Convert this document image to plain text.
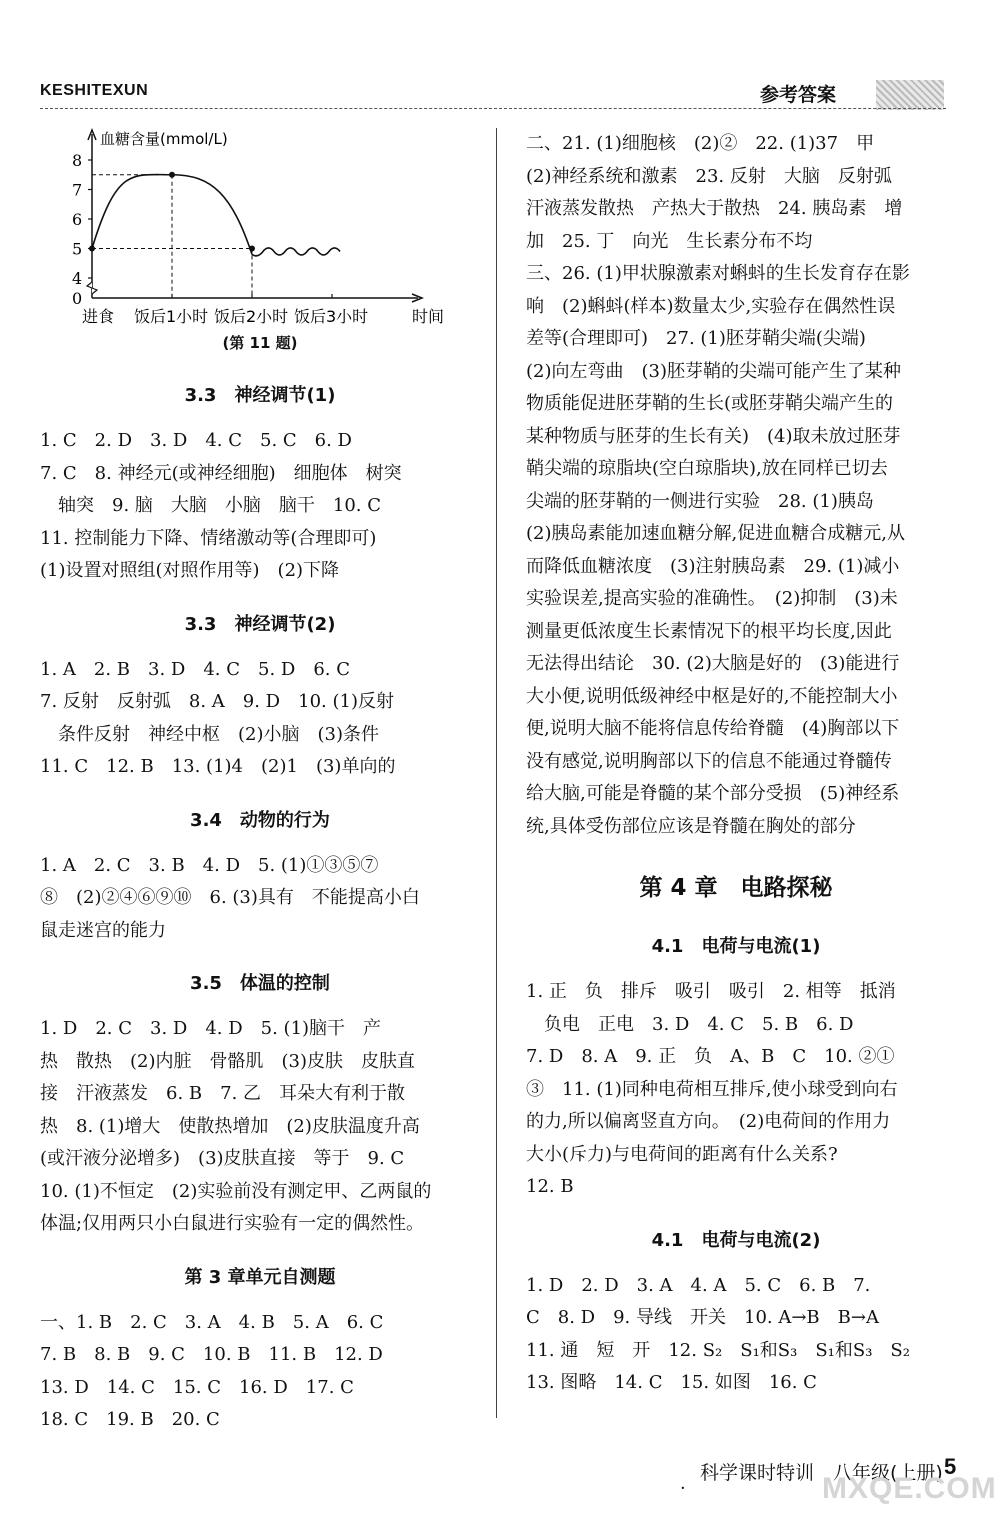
KESHITEXUN	参考答案
8
7
6
5
4
0
血糖含量(mmol/L)
进食 饭后1小时 饭后2小时 饭后3小时	时间
(第 11 题)
3.3　神经调节(1)
1. C　2. D　3. D　4. C　5. C　6. D
7. C　8. 神经元(或神经细胞)　细胞体　树突
　轴突　9. 脑　大脑　小脑　脑干　10. C
11. 控制能力下降、情绪激动等(合理即可)
(1)设置对照组(对照作用等)　(2)下降
3.3　神经调节(2)
1. A　2. B　3. D　4. C　5. D　6. C
7. 反射　反射弧　8. A　9. D　10. (1)反射
　条件反射　神经中枢　(2)小脑　(3)条件
11. C　12. B　13. (1)4　(2)1　(3)单向的
3.4　动物的行为
1. A　2. C　3. B　4. D　5. (1)①③⑤⑦
⑧　(2)②④⑥⑨⑩　6. (3)具有　不能提高小白
鼠走迷宫的能力
3.5　体温的控制
1. D　2. C　3. D　4. D　5. (1)脑干　产
热　散热　(2)内脏　骨骼肌　(3)皮肤　皮肤直
接　汗液蒸发　6. B　7. 乙　耳朵大有利于散
热　8. (1)增大　使散热增加　(2)皮肤温度升高
(或汗液分泌增多)　(3)皮肤直接　等于　9. C
10. (1)不恒定　(2)实验前没有测定甲、乙两鼠的
体温;仅用两只小白鼠进行实验有一定的偶然性。
第 3 章单元自测题
一、1. B　2. C　3. A　4. B　5. A　6. C
7. B　8. B　9. C　10. B　11. B　12. D
13. D　14. C　15. C　16. D　17. C
18. C　19. B　20. C
二、21. (1)细胞核　(2)②　22. (1)37　甲
(2)神经系统和激素　23. 反射　大脑　反射弧
汗液蒸发散热　产热大于散热　24. 胰岛素　增
加　25. 丁　向光　生长素分布不均
三、26. (1)甲状腺激素对蝌蚪的生长发育存在影
响　(2)蝌蚪(样本)数量太少,实验存在偶然性误
差等(合理即可)　27. (1)胚芽鞘尖端(尖端)
(2)向左弯曲　(3)胚芽鞘的尖端可能产生了某种
物质能促进胚芽鞘的生长(或胚芽鞘尖端产生的
某种物质与胚芽的生长有关)　(4)取未放过胚芽
鞘尖端的琼脂块(空白琼脂块),放在同样已切去
尖端的胚芽鞘的一侧进行实验　28. (1)胰岛
(2)胰岛素能加速血糖分解,促进血糖合成糖元,从
而降低血糖浓度　(3)注射胰岛素　29. (1)减小
实验误差,提高实验的准确性。　(2)抑制　(3)未
测量更低浓度生长素情况下的根平均长度,因此
无法得出结论　30. (2)大脑是好的　(3)能进行
大小便,说明低级神经中枢是好的,不能控制大小
便,说明大脑不能将信息传给脊髓　(4)胸部以下
没有感觉,说明胸部以下的信息不能通过脊髓传
给大脑,可能是脊髓的某个部分受损　(5)神经系
统,具体受伤部位应该是脊髓在胸处的部分
第 4 章　电路探秘
4.1　电荷与电流(1)
1. 正　负　排斥　吸引　吸引　2. 相等　抵消
　负电　正电　3. D　4. C　5. B　6. D
7. D　8. A　9. 正　负　A、B　C　10. ②①
③　11. (1)同种电荷相互排斥,使小球受到向右
的力,所以偏离竖直方向。　(2)电荷间的作用力
大小(斥力)与电荷间的距离有什么关系?
12. B
4.1　电荷与电流(2)
1. D　2. D　3. A　4. A　5. C　6. B　7.
C　8. D　9. 导线　开关　10. A→B　B→A
11. 通　短　开　12. S₂　S₁和S₃　S₁和S₃　S₂
13. 图略　14. C　15. 如图　16. C
·
科学课时特训　八年级(上册) 5
MXQE.COM
